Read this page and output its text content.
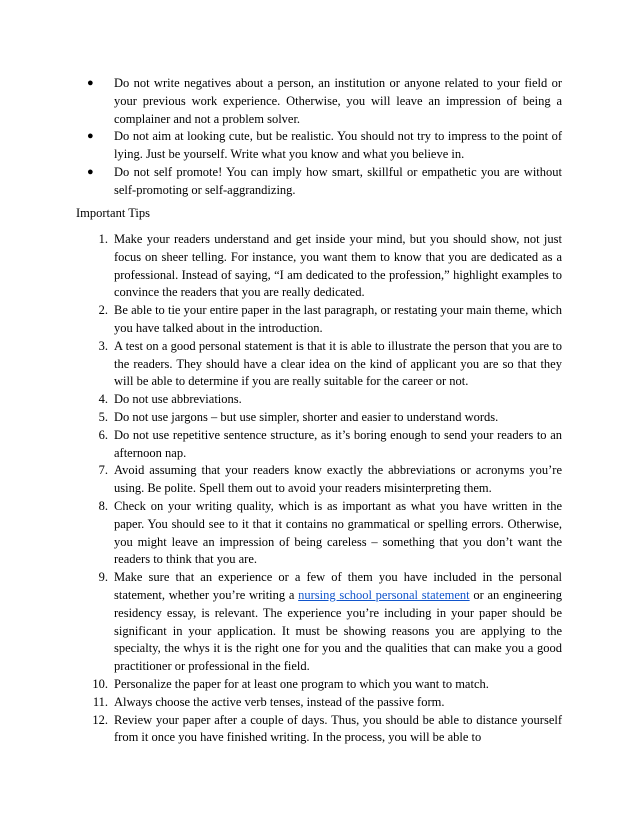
● Do not write negatives about a person, an institution or anyone related to your field or your previous work experience. Otherwise, you will leave an impression of being a complainer and not a problem solver.
● Do not aim at looking cute, but be realistic. You should not try to impress to the point of lying. Just be yourself. Write what you know and what you believe in.
● Do not self promote! You can imply how smart, skillful or empathetic you are without self-promoting or self-aggrandizing.
Important Tips
1. Make your readers understand and get inside your mind, but you should show, not just focus on sheer telling. For instance, you want them to know that you are dedicated as a professional. Instead of saying, “I am dedicated to the profession,” highlight examples to convince the readers that you are really dedicated.
2. Be able to tie your entire paper in the last paragraph, or restating your main theme, which you have talked about in the introduction.
3. A test on a good personal statement is that it is able to illustrate the person that you are to the readers. They should have a clear idea on the kind of applicant you are so that they will be able to determine if you are really suitable for the career or not.
4. Do not use abbreviations.
5. Do not use jargons – but use simpler, shorter and easier to understand words.
6. Do not use repetitive sentence structure, as it’s boring enough to send your readers to an afternoon nap.
7. Avoid assuming that your readers know exactly the abbreviations or acronyms you’re using. Be polite. Spell them out to avoid your readers misinterpreting them.
8. Check on your writing quality, which is as important as what you have written in the paper. You should see to it that it contains no grammatical or spelling errors. Otherwise, you might leave an impression of being careless – something that you don’t want the readers to think that you are.
9. Make sure that an experience or a few of them you have included in the personal statement, whether you’re writing a nursing school personal statement or an engineering residency essay, is relevant. The experience you’re including in your paper should be significant in your application. It must be showing reasons you are applying to the specialty, the whys it is the right one for you and the qualities that can make you a good practitioner or professional in the field.
10. Personalize the paper for at least one program to which you want to match.
11. Always choose the active verb tenses, instead of the passive form.
12. Review your paper after a couple of days. Thus, you should be able to distance yourself from it once you have finished writing. In the process, you will be able to
